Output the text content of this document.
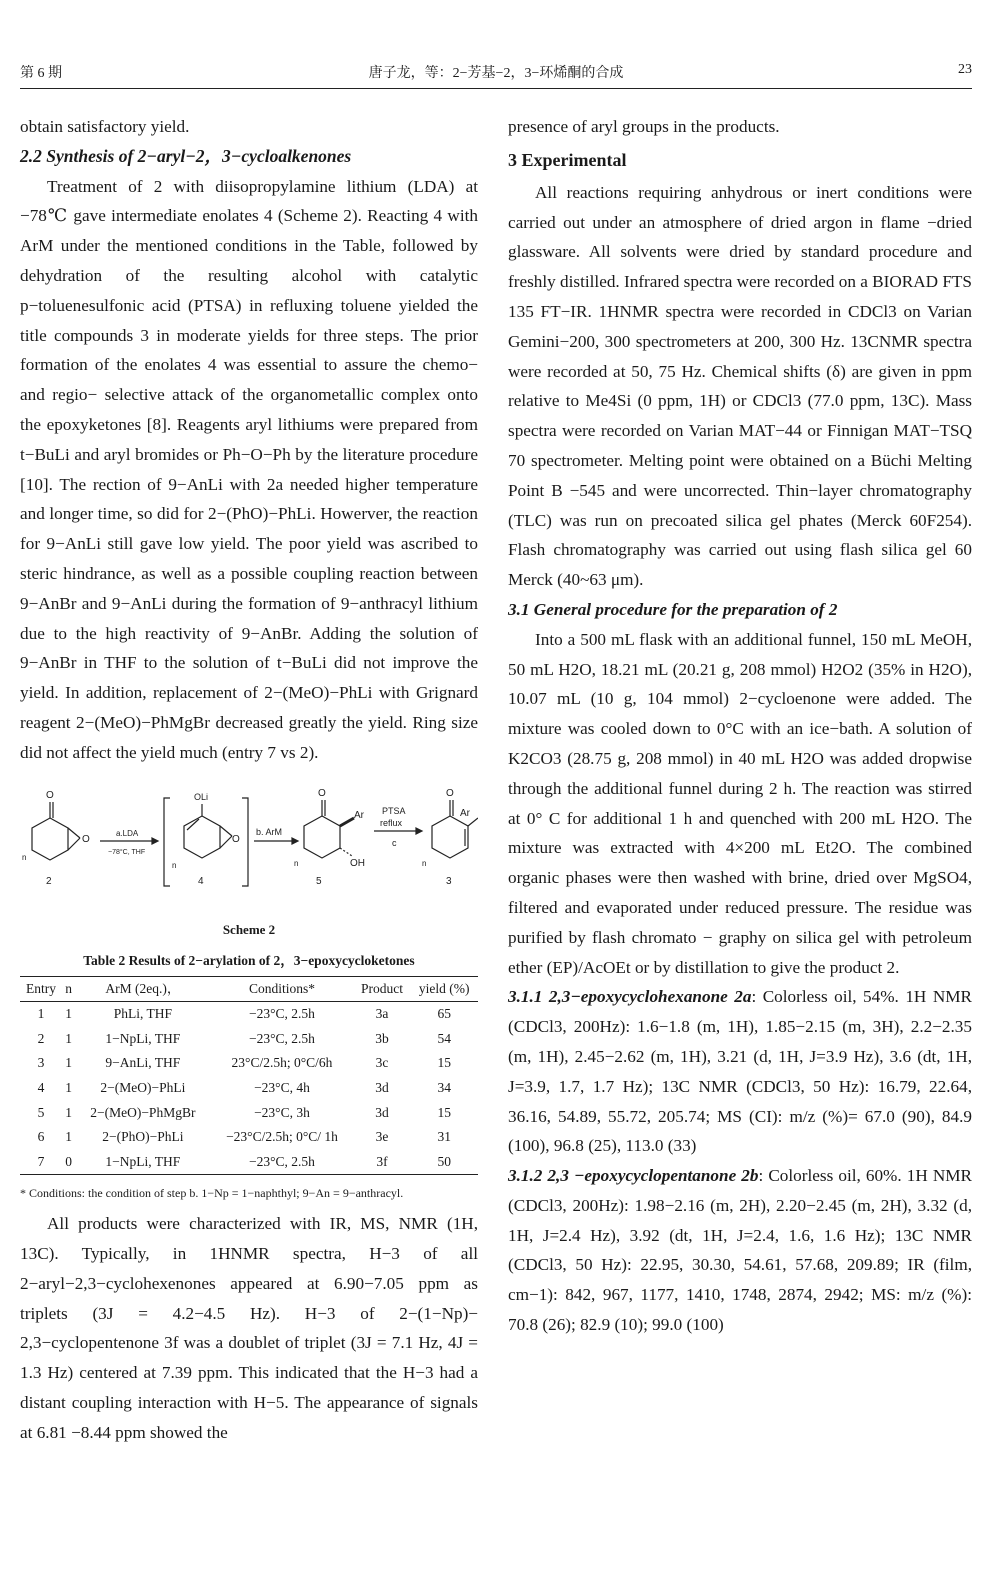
第 6 期	唐子龙，等：2−芳基−2，3−环烯酮的合成	23

obtain satisfactory yield.

2.2 Synthesis of 2−aryl−2，3−cycloalkenones

Treatment of 2 with diisopropylamine lithium (LDA) at −78℃ gave intermediate enolates 4 (Scheme 2). Reacting 4 with ArM under the mentioned conditions in the Table, followed by dehydration of the resulting alcohol with catalytic p−toluenesulfonic acid (PTSA) in refluxing toluene yielded the title compounds 3 in moderate yields for three steps. The prior formation of the enolates 4 was essential to assure the chemo− and regio− selective attack of the organometallic complex onto the epoxyketones [8]. Reagents aryl lithiums were prepared from t−BuLi and aryl bromides or Ph−O−Ph by the literature procedure [10]. The rection of 9−AnLi with 2a needed higher temperature and longer time, so did for 2−(PhO)−PhLi. Howerver, the reaction for 9−AnLi still gave low yield. The poor yield was ascribed to steric hindrance, as well as a possible coupling reaction between 9−AnBr and 9−AnLi during the formation of 9−anthracyl lithium due to the high reactivity of 9−AnBr. Adding the solution of 9−AnBr in THF to the solution of t−BuLi did not improve the yield. In addition, replacement of 2−(MeO)−PhLi with Grignard reagent 2−(MeO)−PhMgBr decreased greatly the yield. Ring size did not affect the yield much (entry 7 vs 2).

O
O
n
2
a.LDA
−78°C, THF
OLi
O
n
4
b. ArM
O
Ar
OH
n
5
PTSA
reflux
c
O
Ar
n
3
Scheme 2
Table 2 Results of 2−arylation of 2，3−epoxycycloketones
Entry	n	ArM (2eq.)，	Conditions*	Product	yield (%)
1	1	PhLi, THF	−23°C, 2.5h	3a	65
2	1	1−NpLi, THF	−23°C, 2.5h	3b	54
3	1	9−AnLi, THF	23°C/2.5h; 0°C/6h	3c	15
4	1	2−(MeO)−PhLi	−23°C, 4h	3d	34
5	1	2−(MeO)−PhMgBr	−23°C, 3h	3d	15
6	1	2−(PhO)−PhLi	−23°C/2.5h; 0°C/ 1h	3e	31
7	0	1−NpLi, THF	−23°C, 2.5h	3f	50
* Conditions: the condition of step b. 1−Np = 1−naphthyl; 9−An = 9−anthracyl.

All products were characterized with IR, MS, NMR (1H, 13C). Typically, in 1HNMR spectra, H−3 of all 2−aryl−2,3−cyclohexenones appeared at 6.90−7.05 ppm as triplets (3J = 4.2−4.5 Hz). H−3 of 2−(1−Np)− 2,3−cyclopentenone 3f was a doublet of triplet (3J = 7.1 Hz, 4J = 1.3 Hz) centered at 7.39 ppm. This indicated that the H−3 had a distant coupling interaction with H−5. The appearance of signals at 6.81 −8.44 ppm showed the

presence of aryl groups in the products.

3 Experimental

All reactions requiring anhydrous or inert conditions were carried out under an atmosphere of dried argon in flame −dried glassware. All solvents were dried by standard procedure and freshly distilled. Infrared spectra were recorded on a BIORAD FTS 135 FT−IR. 1HNMR spectra were recorded in CDCl3 on Varian Gemini−200, 300 spectrometers at 200, 300 Hz. 13CNMR spectra were recorded at 50, 75 Hz. Chemical shifts (δ) are given in ppm relative to Me4Si (0 ppm, 1H) or CDCl3 (77.0 ppm, 13C). Mass spectra were recorded on Varian MAT−44 or Finnigan MAT−TSQ 70 spectrometer. Melting point were obtained on a Büchi Melting Point B −545 and were uncorrected. Thin−layer chromatography (TLC) was run on precoated silica gel phates (Merck 60F254). Flash chromatography was carried out using flash silica gel 60 Merck (40~63 μm).

3.1 General procedure for the preparation of 2

Into a 500 mL flask with an additional funnel, 150 mL MeOH, 50 mL H2O, 18.21 mL (20.21 g, 208 mmol) H2O2 (35% in H2O), 10.07 mL (10 g, 104 mmol) 2−cycloenone were added. The mixture was cooled down to 0°C with an ice−bath. A solution of K2CO3 (28.75 g, 208 mmol) in 40 mL H2O was added dropwise through the additional funnel during 2 h. The reaction was stirred at 0° C for additional 1 h and quenched with 200 mL H2O. The mixture was extracted with 4×200 mL Et2O. The combined organic phases were then washed with brine, dried over MgSO4, filtered and evaporated under reduced pressure. The residue was purified by flash chromato − graphy on silica gel with petroleum ether (EP)/AcOEt or by distillation to give the product 2.

3.1.1 2,3−epoxycyclohexanone 2a: Colorless oil, 54%. 1H NMR (CDCl3, 200Hz): 1.6−1.8 (m, 1H), 1.85−2.15 (m, 3H), 2.2−2.35 (m, 1H), 2.45−2.62 (m, 1H), 3.21 (d, 1H, J=3.9 Hz), 3.6 (dt, 1H, J=3.9, 1.7, 1.7 Hz); 13C NMR (CDCl3, 50 Hz): 16.79, 22.64, 36.16, 54.89, 55.72, 205.74; MS (CI): m/z (%)= 67.0 (90), 84.9 (100), 96.8 (25), 113.0 (33)

3.1.2 2,3 −epoxycyclopentanone 2b: Colorless oil, 60%. 1H NMR (CDCl3, 200Hz): 1.98−2.16 (m, 2H), 2.20−2.45 (m, 2H), 3.32 (d, 1H, J=2.4 Hz), 3.92 (dt, 1H, J=2.4, 1.6, 1.6 Hz); 13C NMR (CDCl3, 50 Hz): 22.95, 30.30, 54.61, 57.68, 209.89; IR (film, cm−1): 842, 967, 1177, 1410, 1748, 2874, 2942; MS: m/z (%): 70.8 (26); 82.9 (10); 99.0 (100)
